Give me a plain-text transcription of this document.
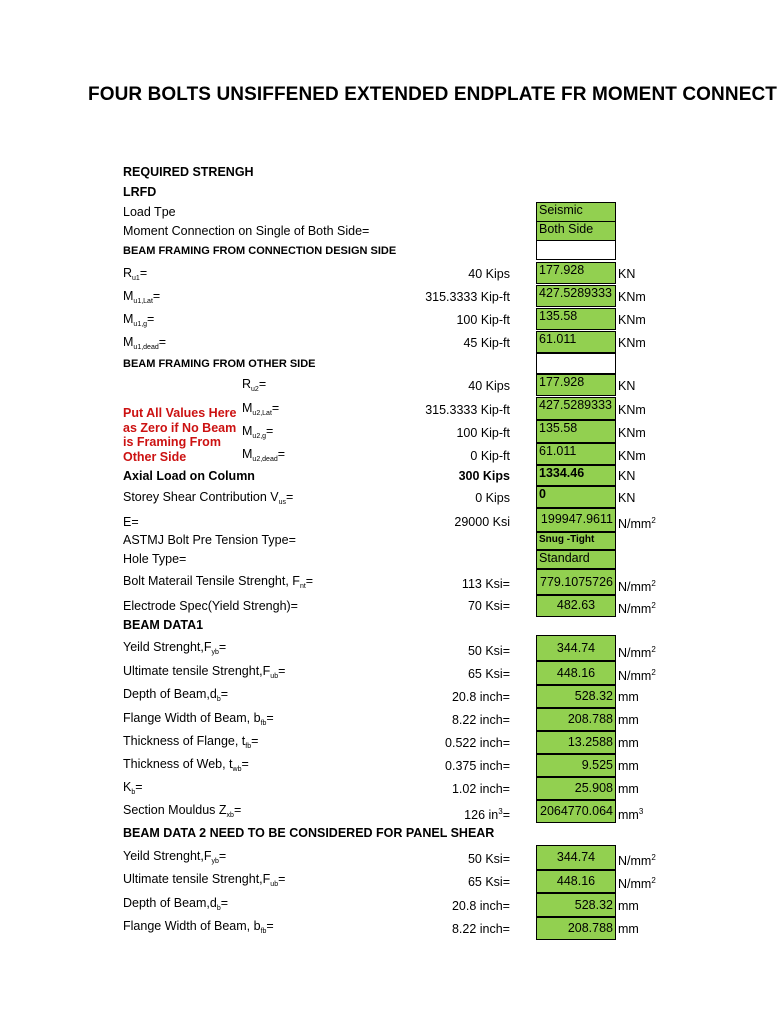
FOUR BOLTS UNSIFFENED EXTENDED ENDPLATE FR MOMENT CONNECT
REQUIRED STRENGH
LRFD
Load Tpe	Seismic
Moment Connection on Single of Both Side=	Both Side
BEAM FRAMING FROM CONNECTION DESIGN SIDE
$R_{u1}=$	40 Kips 177.928	KN
$M_{u1,Lat}=$	315.3333 Kip-ft 427.5289333 KNm
$M_{u1,g}=$	100 Kip-ft 135.58	KNm
$M_{u1,dead}=$	45 Kip-ft 61.011	KNm
BEAM FRAMING FROM OTHER SIDE
$R_{u2}=$	40 Kips 177.928	KN
Put All Values Here
as Zero if No Beam
is Framing From
Other Side
$M_{u2,Lat}=$	315.3333 Kip-ft 427.5289333 KNm
$M_{u2,g}=$	100 Kip-ft 135.58	KNm
$M_{u2,dead}=$	0 Kip-ft 61.011	KNm
Axial Load on Column	300 Kips 1334.46	KN
Storey Shear Contribution $V_{us}=$	0 Kips 0	KN
E=	29000 Ksi	199947.9611 $N/mm^2$
ASTMJ Bolt Pre Tension Type=	Snug -Tight
Hole Type=	Standard
Bolt Materail Tensile Strenght, $F_{nt}=$	113 Ksi=	779.1075726 $N/mm^2$
Electrode Spec(Yield Strengh)=	70 Ksi=	482.63	$N/mm^2$
BEAM DATA1
Yeild $Strenght,F_{yb}=$	50 Ksi=	344.74	$N/mm^2$
Ultimate tensile $Strenght,F_{ub}=$	65 Ksi=	448.16	$N/mm^2$
Depth of $Beam,d_b=$	20.8 inch=	528.32 mm
Flange Width of Beam, $b_{fb}=$	8.22 inch=	208.788 mm
Thickness of Flange, $t_{fb}=$	0.522 inch=	13.2588 mm
Thickness of Web, $t_{wb}=$	0.375 inch=	9.525 mm
$K_b=$	1.02 inch=	25.908 mm
Section Mouldus $Z_{xb}=$	126 $in^3=$	2064770.064 $mm^3$
BEAM DATA 2 NEED TO BE CONSIDERED FOR PANEL SHEAR
Yeild $Strenght,F_{yb}=$	50 Ksi=	344.74	$N/mm^2$
Ultimate tensile $Strenght,F_{ub}=$	65 Ksi=	448.16	$N/mm^2$
Depth of $Beam,d_b=$	20.8 inch=	528.32 mm
Flange Width of Beam, $b_{fb}=$	8.22 inch=	208.788 mm
